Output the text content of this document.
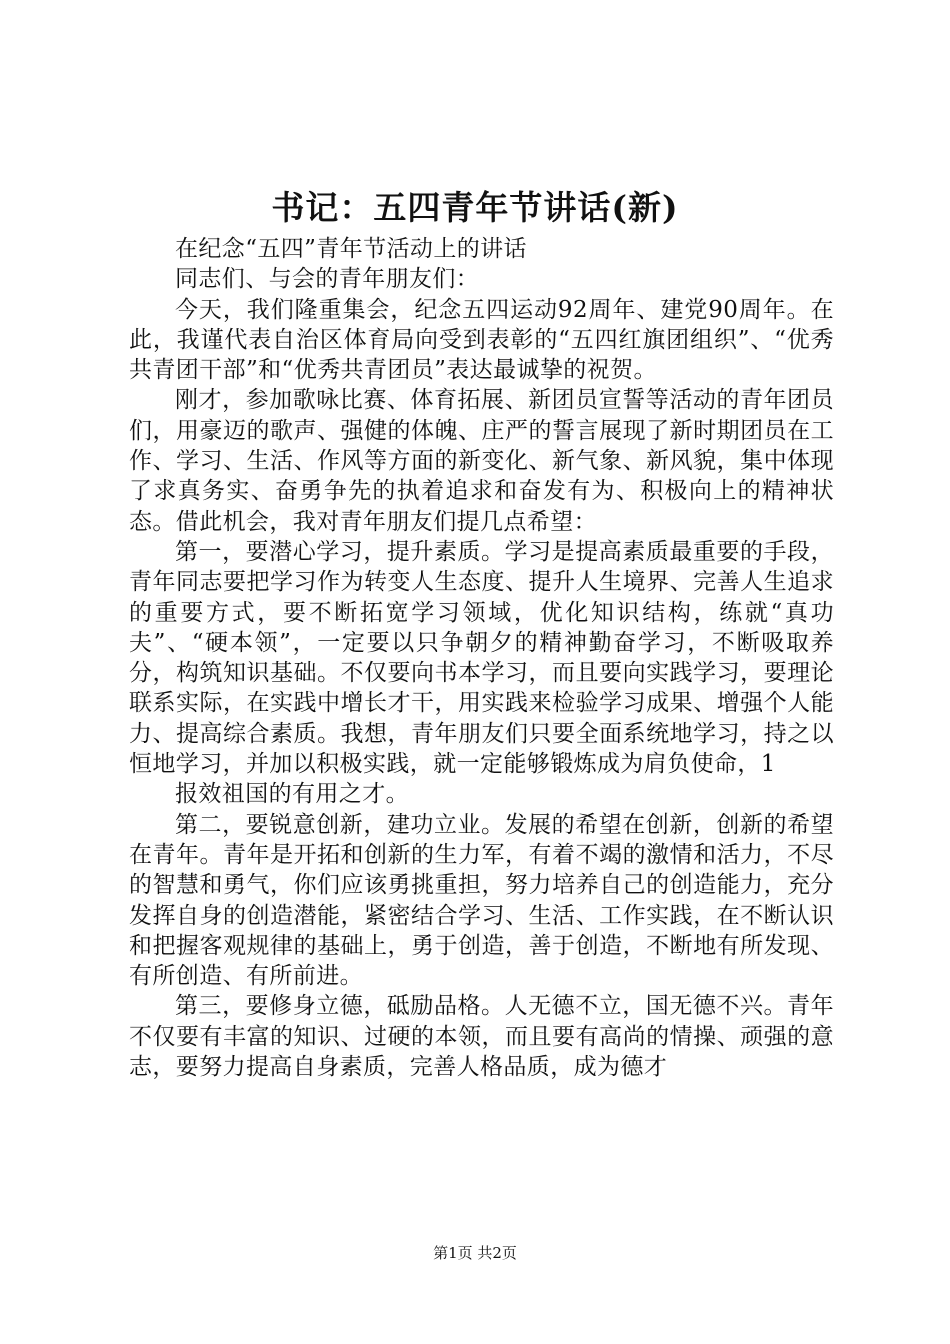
书记：五四青年节讲话(新)

在纪念“五四”青年节活动上的讲话

同志们、与会的青年朋友们：

今天，我们隆重集会，纪念五四运动92周年、建党90周年。在此，我谨代表自治区体育局向受到表彰的“五四红旗团组织”、“优秀共青团干部”和“优秀共青团员”表达最诚挚的祝贺。

刚才，参加歌咏比赛、体育拓展、新团员宣誓等活动的青年团员们，用豪迈的歌声、强健的体魄、庄严的誓言展现了新时期团员在工作、学习、生活、作风等方面的新变化、新气象、新风貌，集中体现了求真务实、奋勇争先的执着追求和奋发有为、积极向上的精神状态。借此机会，我对青年朋友们提几点希望：

第一，要潜心学习，提升素质。学习是提高素质最重要的手段，青年同志要把学习作为转变人生态度、提升人生境界、完善人生追求的重要方式，要不断拓宽学习领域，优化知识结构，练就“真功夫”、“硬本领”，一定要以只争朝夕的精神勤奋学习，不断吸取养分，构筑知识基础。不仅要向书本学习，而且要向实践学习，要理论联系实际，在实践中增长才干，用实践来检验学习成果、增强个人能力、提高综合素质。我想，青年朋友们只要全面系统地学习，持之以恒地学习，并加以积极实践，就一定能够锻炼成为肩负使命，1

报效祖国的有用之才。

第二，要锐意创新，建功立业。发展的希望在创新，创新的希望在青年。青年是开拓和创新的生力军，有着不竭的激情和活力，不尽的智慧和勇气，你们应该勇挑重担，努力培养自己的创造能力，充分发挥自身的创造潜能，紧密结合学习、生活、工作实践，在不断认识和把握客观规律的基础上，勇于创造，善于创造，不断地有所发现、有所创造、有所前进。

第三，要修身立德，砥励品格。人无德不立，国无德不兴。青年不仅要有丰富的知识、过硬的本领，而且要有高尚的情操、顽强的意志，要努力提高自身素质，完善人格品质，成为德才

第1页 共2页
